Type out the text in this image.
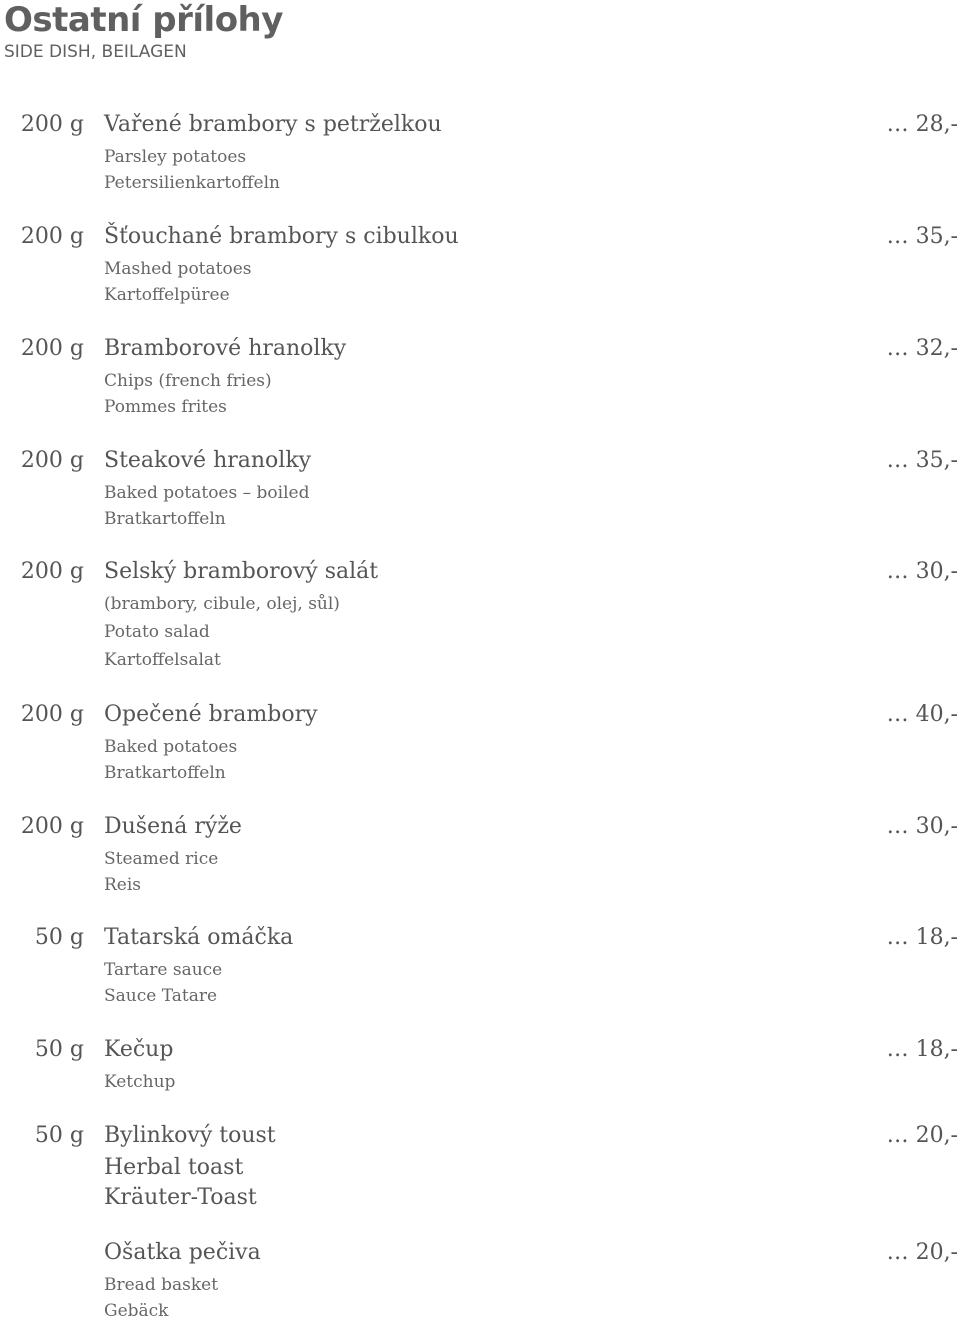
Ostatní přílohy
SIDE DISH, BEILAGEN
200 g Vařené brambory s petrželkou	… 28,-
Parsley potatoes
Petersilienkartoffeln
200 g Šťouchané brambory s cibulkou	… 35,-
Mashed potatoes
Kartoffelpüree
200 g Bramborové hranolky	… 32,-
Chips (french fries)
Pommes frites
200 g Steakové hranolky	… 35,-
Baked potatoes – boiled
Bratkartoffeln
200 g Selský bramborový salát	… 30,-
(brambory, cibule, olej, sůl)
Potato salad
Kartoffelsalat
200 g Opečené brambory	… 40,-
Baked potatoes
Bratkartoffeln
200 g Dušená rýže	… 30,-
Steamed rice
Reis
50 g Tatarská omáčka	… 18,-
Tartare sauce
Sauce Tatare
50 g Kečup	… 18,-
Ketchup
50 g Bylinkový toust	… 20,-
Herbal toast
Kräuter-Toast
Ošatka pečiva	… 20,-
Bread basket
Gebäck
